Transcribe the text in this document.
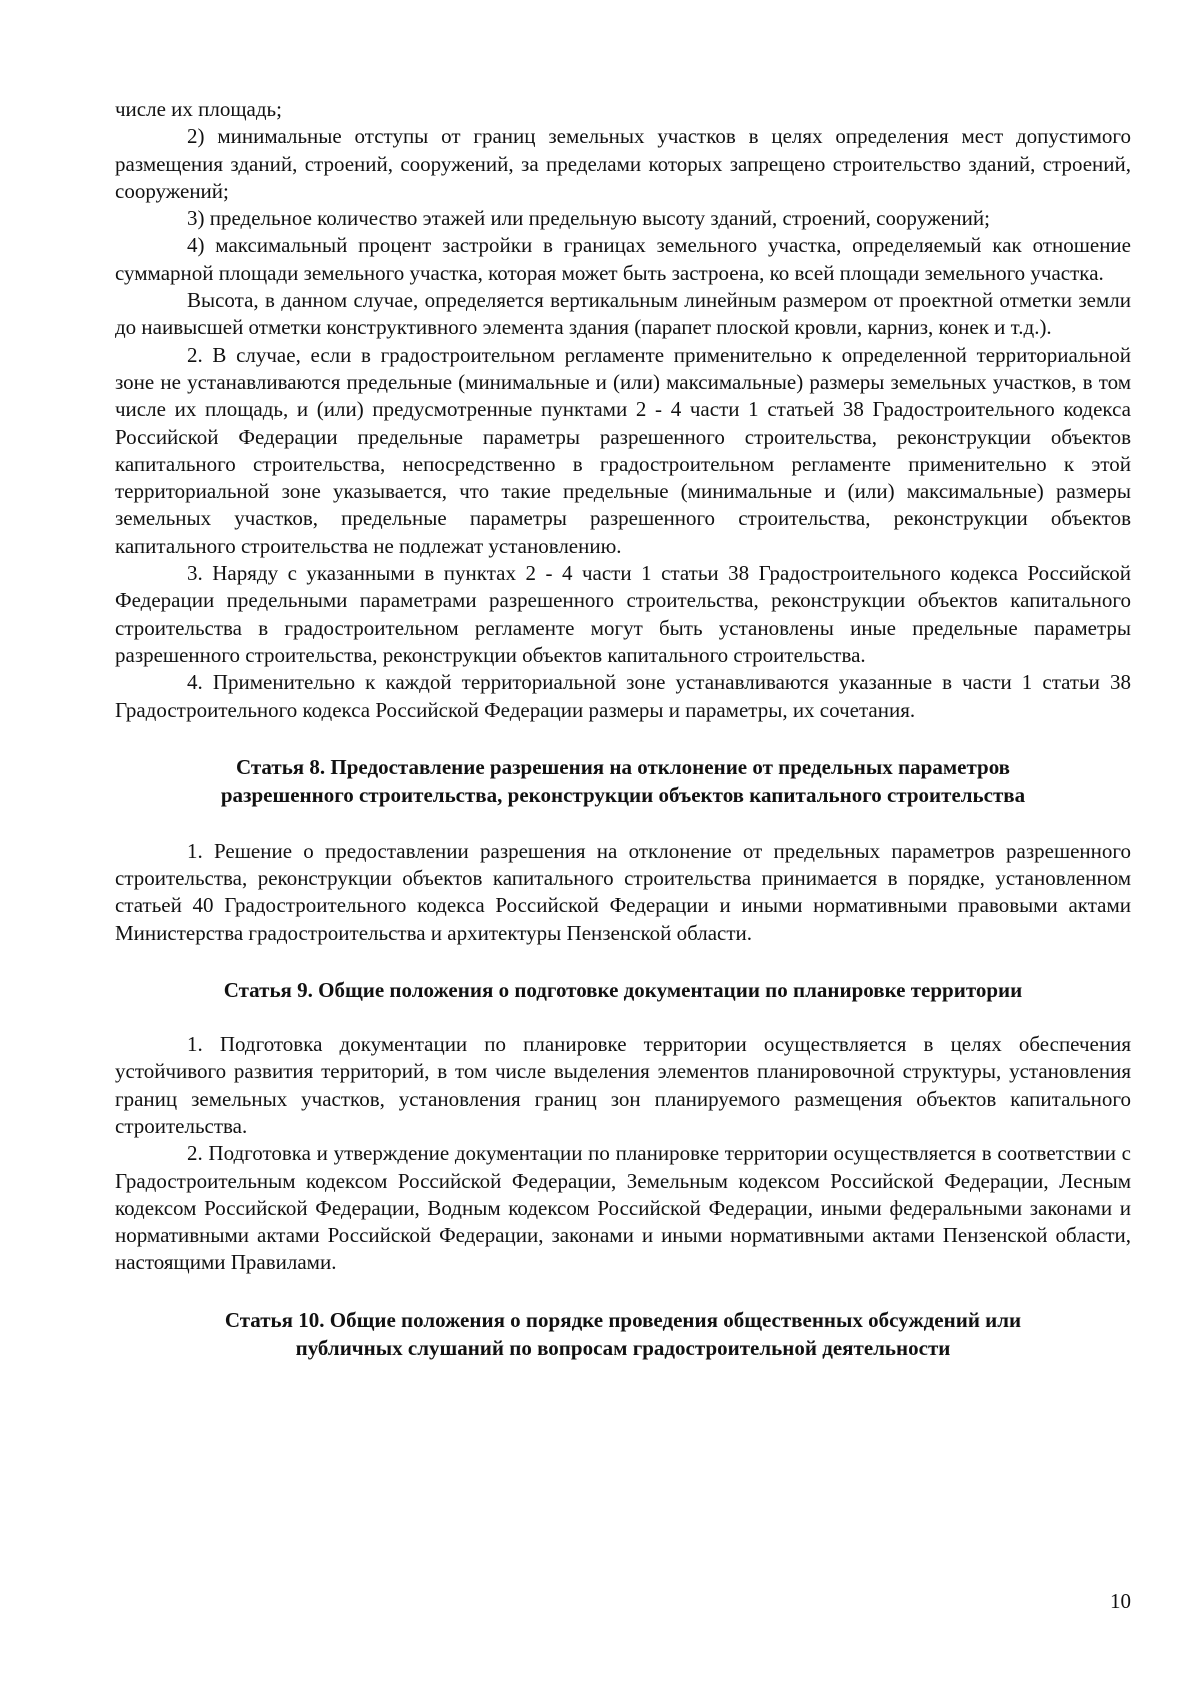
числе их площадь;

2) минимальные отступы от границ земельных участков в целях определения мест допустимого размещения зданий, строений, сооружений, за пределами которых запрещено строительство зданий, строений, сооружений;

3) предельное количество этажей или предельную высоту зданий, строений, сооружений;

4) максимальный процент застройки в границах земельного участка, определяемый как отношение суммарной площади земельного участка, которая может быть застроена, ко всей площади земельного участка.

Высота, в данном случае, определяется вертикальным линейным размером от проектной отметки земли до наивысшей отметки конструктивного элемента здания (парапет плоской кровли, карниз, конек и т.д.).

2. В случае, если в градостроительном регламенте применительно к определенной территориальной зоне не устанавливаются предельные (минимальные и (или) максимальные) размеры земельных участков, в том числе их площадь, и (или) предусмотренные пунктами 2 - 4 части 1 статьей 38 Градостроительного кодекса Российской Федерации предельные параметры разрешенного строительства, реконструкции объектов капитального строительства, непосредственно в градостроительном регламенте применительно к этой территориальной зоне указывается, что такие предельные (минимальные и (или) максимальные) размеры земельных участков, предельные параметры разрешенного строительства, реконструкции объектов капитального строительства не подлежат установлению.

3. Наряду с указанными в пунктах 2 - 4 части 1 статьи 38 Градостроительного кодекса Российской Федерации предельными параметрами разрешенного строительства, реконструкции объектов капитального строительства в градостроительном регламенте могут быть установлены иные предельные параметры разрешенного строительства, реконструкции объектов капитального строительства.

4. Применительно к каждой территориальной зоне устанавливаются указанные в части 1 статьи 38 Градостроительного кодекса Российской Федерации размеры и параметры, их сочетания.

Статья 8. Предоставление разрешения на отклонение от предельных параметров
разрешенного строительства, реконструкции объектов капитального строительства

1. Решение о предоставлении разрешения на отклонение от предельных параметров разрешенного строительства, реконструкции объектов капитального строительства принимается в порядке, установленном статьей 40 Градостроительного кодекса Российской Федерации и иными нормативными правовыми актами Министерства градостроительства и архитектуры Пензенской области.

Статья 9. Общие положения о подготовке документации по планировке территории

1. Подготовка документации по планировке территории осуществляется в целях обеспечения устойчивого развития территорий, в том числе выделения элементов планировочной структуры, установления границ земельных участков, установления границ зон планируемого размещения объектов капитального строительства.

2. Подготовка и утверждение документации по планировке территории осуществляется в соответствии с Градостроительным кодексом Российской Федерации, Земельным кодексом Российской Федерации, Лесным кодексом Российской Федерации, Водным кодексом Российской Федерации, иными федеральными законами и нормативными актами Российской Федерации, законами и иными нормативными актами Пензенской области, настоящими Правилами.

Статья 10. Общие положения о порядке проведения общественных обсуждений или
публичных слушаний по вопросам градостроительной деятельности
10
